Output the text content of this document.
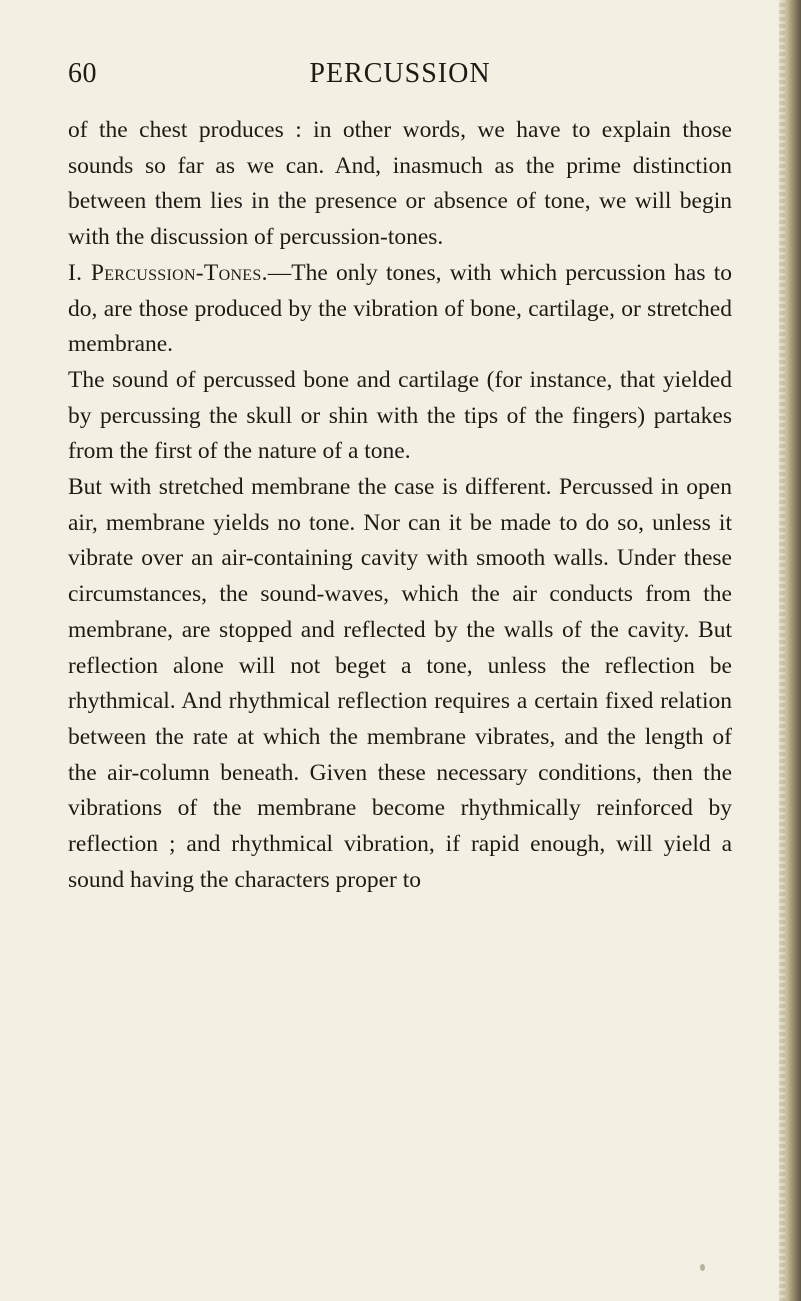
60	PERCUSSION

of the chest produces : in other words, we have to explain those sounds so far as we can. And, inasmuch as the prime distinction between them lies in the presence or absence of tone, we will begin with the discussion of percussion-tones.

I. Percussion-Tones.—The only tones, with which percussion has to do, are those produced by the vibration of bone, cartilage, or stretched membrane.

The sound of percussed bone and cartilage (for instance, that yielded by percussing the skull or shin with the tips of the fingers) partakes from the first of the nature of a tone.

But with stretched membrane the case is different. Percussed in open air, membrane yields no tone. Nor can it be made to do so, unless it vibrate over an air-containing cavity with smooth walls. Under these circumstances, the sound-waves, which the air conducts from the membrane, are stopped and reflected by the walls of the cavity. But reflection alone will not beget a tone, unless the reflection be rhythmical. And rhythmical reflection requires a certain fixed relation between the rate at which the membrane vibrates, and the length of the air-column beneath. Given these necessary conditions, then the vibrations of the membrane become rhythmically reinforced by reflection ; and rhythmical vibration, if rapid enough, will yield a sound having the characters proper to
